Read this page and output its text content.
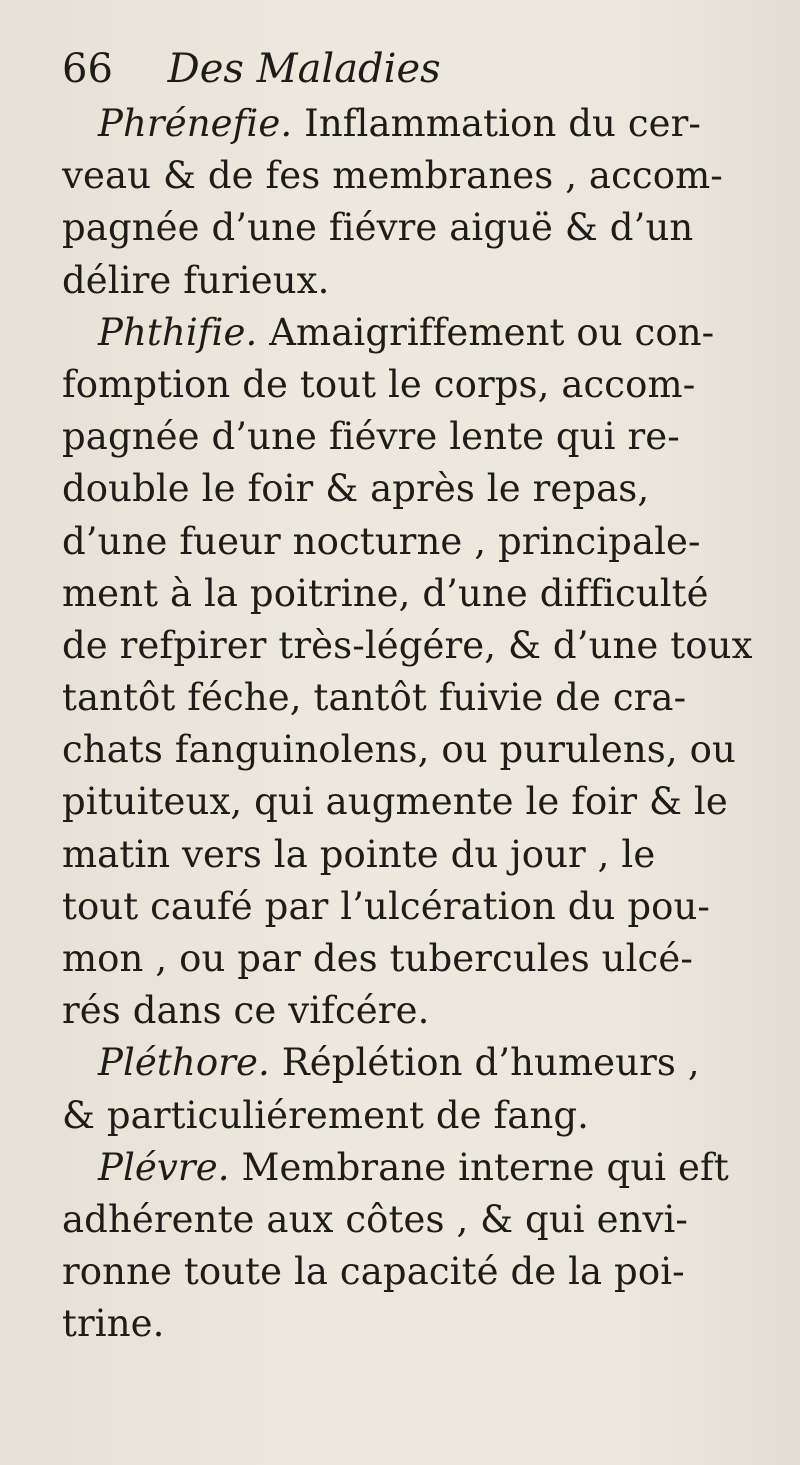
66 Des Maladies
Phrénefie. Inflammation du cer-
veau & de fes membranes , accom-
pagnée d’une fiévre aiguë & d’un
délire furieux.
Phthifie. Amaigriffement ou con-
fomption de tout le corps, accom-
pagnée d’une fiévre lente qui re-
double le foir & après le repas,
d’une fueur nocturne , principale-
ment à la poitrine, d’une difficulté
de refpirer très-légére, & d’une toux
tantôt féche, tantôt fuivie de cra-
chats fanguinolens, ou purulens, ou
pituiteux, qui augmente le foir & le
matin vers la pointe du jour , le
tout caufé par l’ulcération du pou-
mon , ou par des tubercules ulcé-
rés dans ce vifcére.
Pléthore. Réplétion d’humeurs ,
& particuliérement de fang.
Plévre. Membrane interne qui eft
adhérente aux côtes , & qui envi-
ronne toute la capacité de la poi-
trine.
